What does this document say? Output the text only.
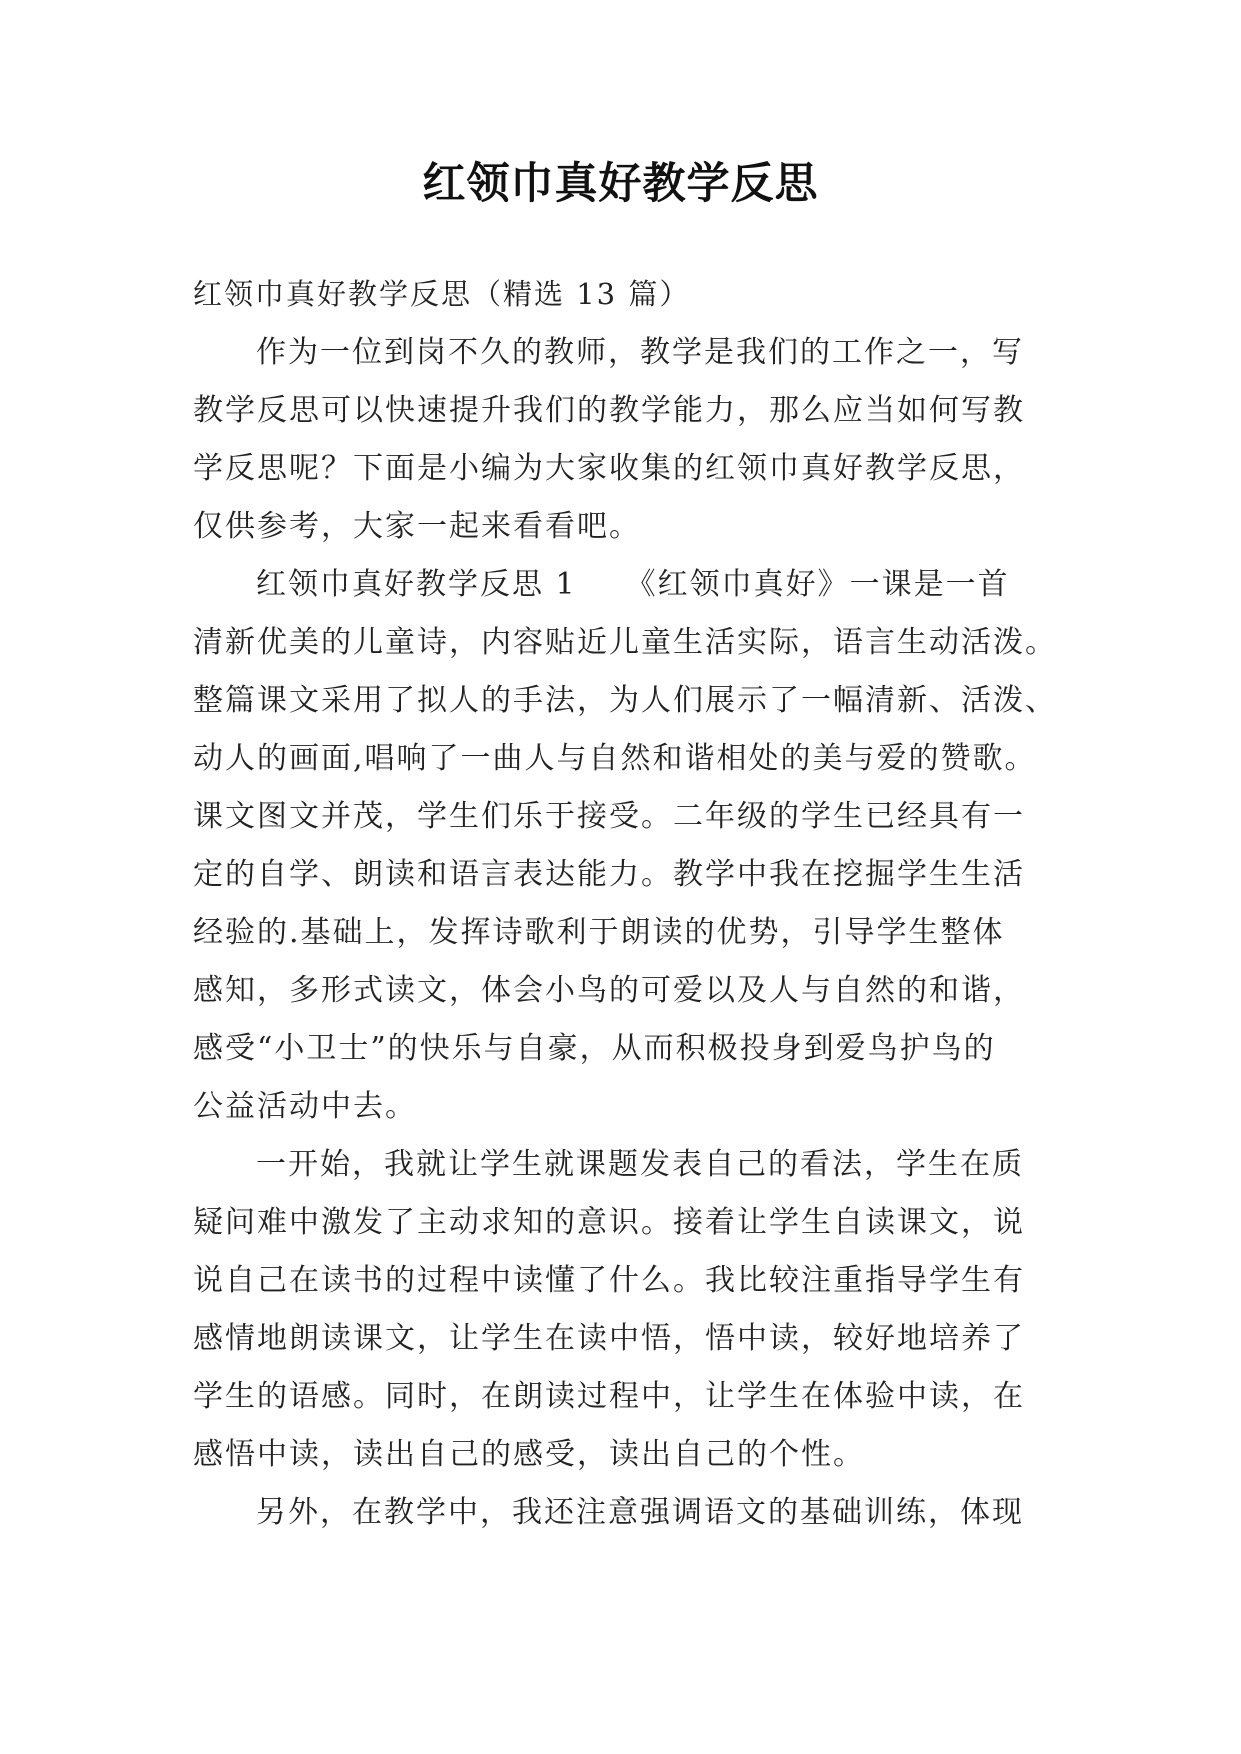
红领巾真好教学反思
红领巾真好教学反思（精选 13 篇）
作为一位到岗不久的教师，教学是我们的工作之一，写
教学反思可以快速提升我们的教学能力，那么应当如何写教
学反思呢？下面是小编为大家收集的红领巾真好教学反思，
仅供参考，大家一起来看看吧。
红领巾真好教学反思 1　　《红领巾真好》一课是一首
清新优美的儿童诗，内容贴近儿童生活实际，语言生动活泼。
整篇课文采用了拟人的手法，为人们展示了一幅清新、活泼、
动人的画面,唱响了一曲人与自然和谐相处的美与爱的赞歌。
课文图文并茂，学生们乐于接受。二年级的学生已经具有一
定的自学、朗读和语言表达能力。教学中我在挖掘学生生活
经验的.基础上，发挥诗歌利于朗读的优势，引导学生整体
感知，多形式读文，体会小鸟的可爱以及人与自然的和谐，
感受“小卫士”的快乐与自豪，从而积极投身到爱鸟护鸟的
公益活动中去。
一开始，我就让学生就课题发表自己的看法，学生在质
疑问难中激发了主动求知的意识。接着让学生自读课文，说
说自己在读书的过程中读懂了什么。我比较注重指导学生有
感情地朗读课文，让学生在读中悟，悟中读，较好地培养了
学生的语感。同时，在朗读过程中，让学生在体验中读，在
感悟中读，读出自己的感受，读出自己的个性。
另外，在教学中，我还注意强调语文的基础训练，体现
